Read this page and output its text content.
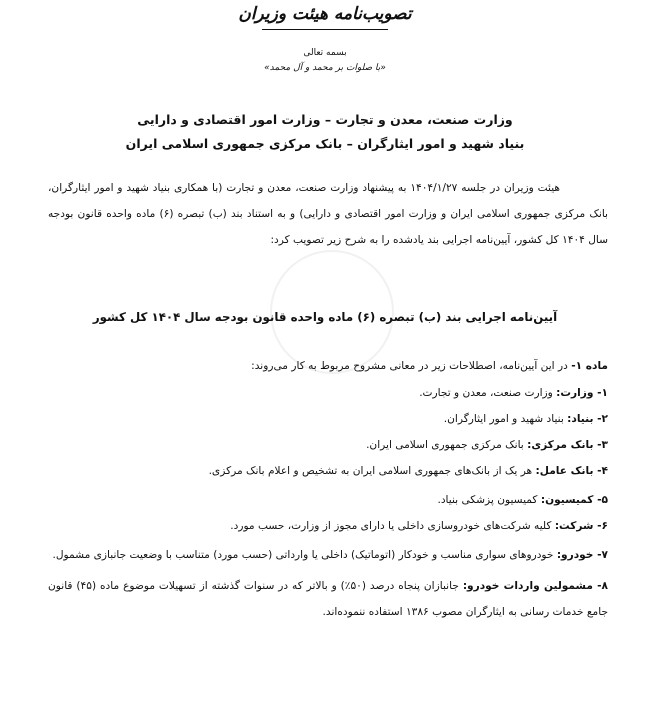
تصویب‌نامه هیئت وزیران
بسمه تعالی
«با صلوات بر محمد و آل محمد»
وزارت صنعت، معدن و تجارت – وزارت امور اقتصادی و دارایی
بنیاد شهید و امور ایثارگران – بانک مرکزی جمهوری اسلامی ایران

هیئت وزیران در جلسه ۱۴۰۴/۱/۲۷ به پیشنهاد وزارت صنعت، معدن و تجارت (با همکاری بنیاد شهید و امور ایثارگران، بانک مرکزی جمهوری اسلامی ایران و وزارت امور اقتصادی و دارایی) و به استناد بند (ب) تبصره (۶) ماده واحده قانون بودجه سال ۱۴۰۴ کل کشور، آیین‌نامه اجرایی بند یادشده را به شرح زیر تصویب کرد:

آیین‌نامه اجرایی بند (ب) تبصره (۶) ماده واحده قانون بودجه سال ۱۴۰۴ کل کشور

ماده ۱- در این آیین‌نامه، اصطلاحات زیر در معانی مشروح مربوط به کار می‌روند:

۱- وزارت: وزارت صنعت، معدن و تجارت.
۲- بنیاد: بنیاد شهید و امور ایثارگران.
۳- بانک مرکزی: بانک مرکزی جمهوری اسلامی ایران.
۴- بانک عامل: هر یک از بانک‌های جمهوری اسلامی ایران به تشخیص و اعلام بانک مرکزی.
۵- کمیسیون: کمیسیون پزشکی بنیاد.
۶- شرکت: کلیه شرکت‌های خودروسازی داخلی یا دارای مجوز از وزارت، حسب مورد.
۷- خودرو: خودروهای سواری مناسب و خودکار (اتوماتیک) داخلی یا وارداتی (حسب مورد) متناسب با وضعیت جانبازی مشمول.
۸- مشمولین واردات خودرو: جانبازان پنجاه درصد (۵۰٪) و بالاتر که در سنوات گذشته از تسهیلات موضوع ماده (۴۵) قانون جامع خدمات رسانی به ایثارگران مصوب ۱۳۸۶ استفاده ننموده‌اند.
